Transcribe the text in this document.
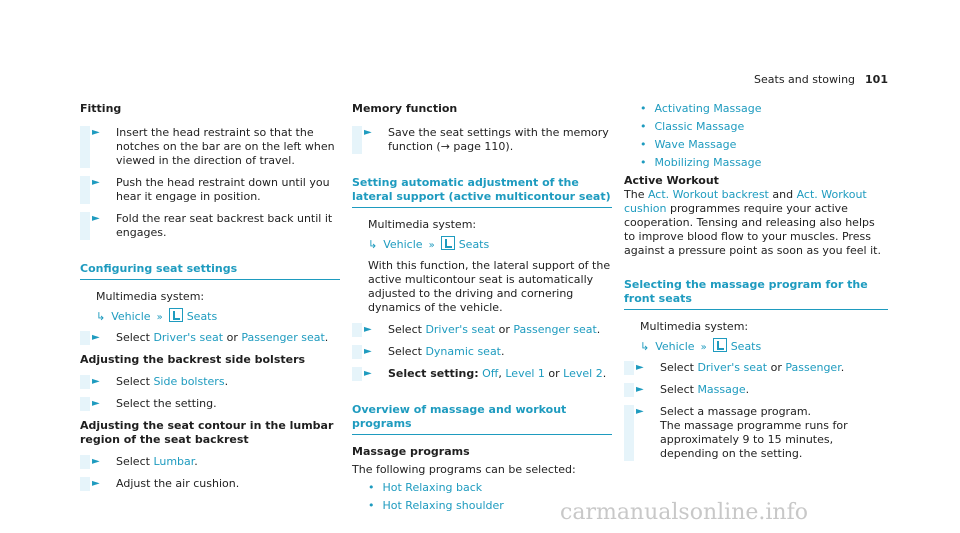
Seats and stowing 101
Fitting
► Insert the head restraint so that the notches on the bar are on the left when viewed in the direction of travel.
► Push the head restraint down until you hear it engage in position.
► Fold the rear seat backrest back until it engages.
Configuring seat settings
Multimedia system:
↳ Vehicle » Seats
► Select Driver's seat or Passenger seat.
Adjusting the backrest side bolsters
► Select Side bolsters.
► Select the setting.
Adjusting the seat contour in the lumbar region of the seat backrest
► Select Lumbar.
► Adjust the air cushion.
Memory function
► Save the seat settings with the memory function (→ page 110).
Setting automatic adjustment of the lateral support (active multicontour seat)
Multimedia system:
↳ Vehicle » Seats
With this function, the lateral support of the active multicontour seat is automatically adjusted to the driving and cornering dynamics of the vehicle.
► Select Driver's seat or Passenger seat.
► Select Dynamic seat.
► Select setting: Off, Level 1 or Level 2.
Overview of massage and workout programs
Massage programs
The following programs can be selected:
• Hot Relaxing back
• Hot Relaxing shoulder
• Activating Massage
• Classic Massage
• Wave Massage
• Mobilizing Massage
Active Workout
The Act. Workout backrest and Act. Workout cushion programmes require your active cooperation. Tensing and releasing also helps to improve blood flow to your muscles. Press against a pressure point as soon as you feel it.
Selecting the massage program for the front seats
Multimedia system:
↳ Vehicle » Seats
► Select Driver's seat or Passenger.
► Select Massage.
► Select a massage program.
The massage programme runs for approximately 9 to 15 minutes, depending on the setting.
carmanualsonline.info
